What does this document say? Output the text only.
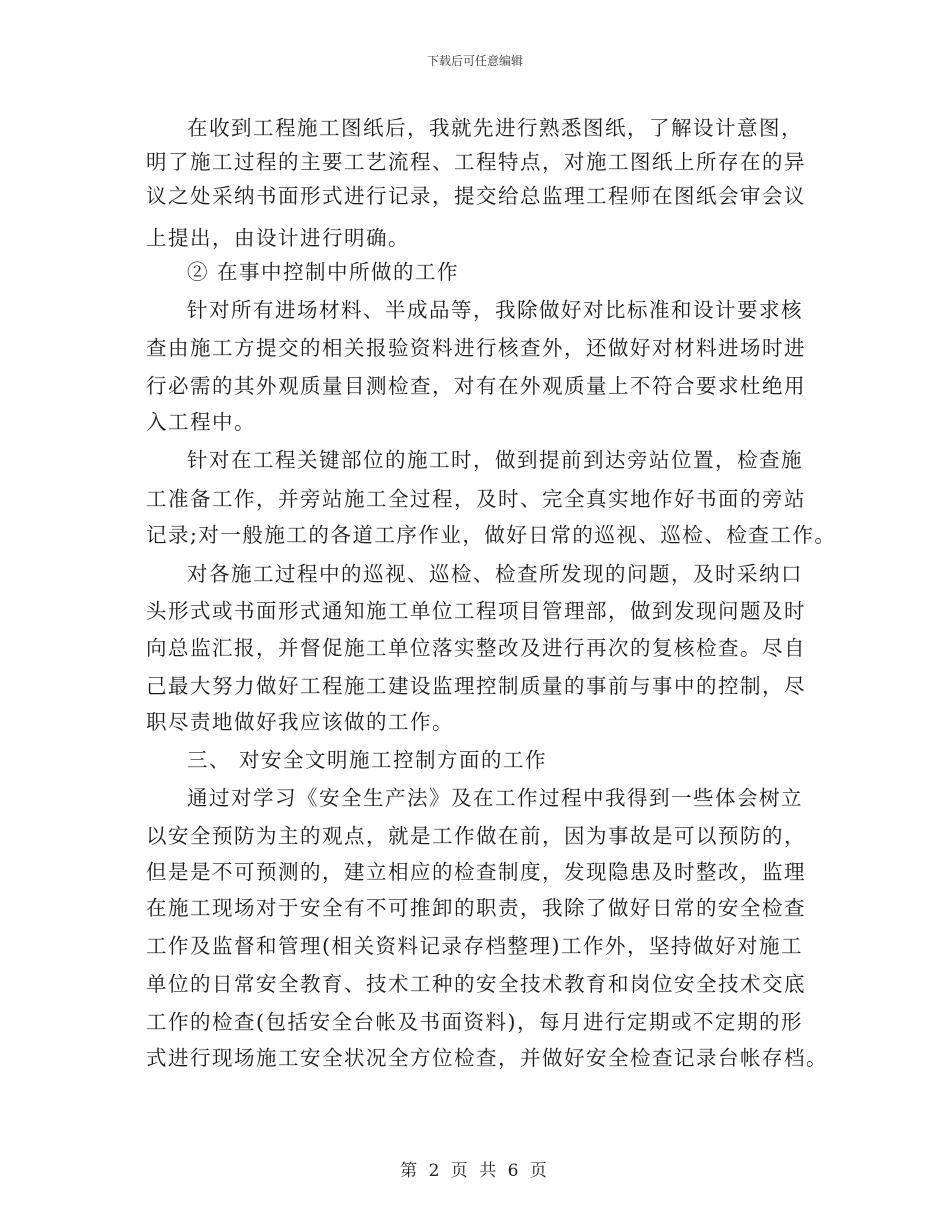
下载后可任意编辑
在收到工程施工图纸后，我就先进行熟悉图纸，了解设计意图，
明了施工过程的主要工艺流程、工程特点，对施工图纸上所存在的异
议之处采纳书面形式进行记录，提交给总监理工程师在图纸会审会议
上提出，由设计进行明确。
② 在事中控制中所做的工作
针对所有进场材料、半成品等，我除做好对比标准和设计要求核
查由施工方提交的相关报验资料进行核查外，还做好对材料进场时进
行必需的其外观质量目测检查，对有在外观质量上不符合要求杜绝用
入工程中。
针对在工程关键部位的施工时，做到提前到达旁站位置，检查施
工准备工作，并旁站施工全过程，及时、完全真实地作好书面的旁站
记录;对一般施工的各道工序作业，做好日常的巡视、巡检、检查工作。
对各施工过程中的巡视、巡检、检查所发现的问题，及时采纳口
头形式或书面形式通知施工单位工程项目管理部，做到发现问题及时
向总监汇报，并督促施工单位落实整改及进行再次的复核检查。尽自
己最大努力做好工程施工建设监理控制质量的事前与事中的控制，尽
职尽责地做好我应该做的工作。
三、 对安全文明施工控制方面的工作
通过对学习《安全生产法》及在工作过程中我得到一些体会树立
以安全预防为主的观点，就是工作做在前，因为事故是可以预防的，
但是是不可预测的，建立相应的检查制度，发现隐患及时整改，监理
在施工现场对于安全有不可推卸的职责，我除了做好日常的安全检查
工作及监督和管理(相关资料记录存档整理)工作外，坚持做好对施工
单位的日常安全教育、技术工种的安全技术教育和岗位安全技术交底
工作的检查(包括安全台帐及书面资料)，每月进行定期或不定期的形
式进行现场施工安全状况全方位检查，并做好安全检查记录台帐存档。
第 2 页 共 6 页
